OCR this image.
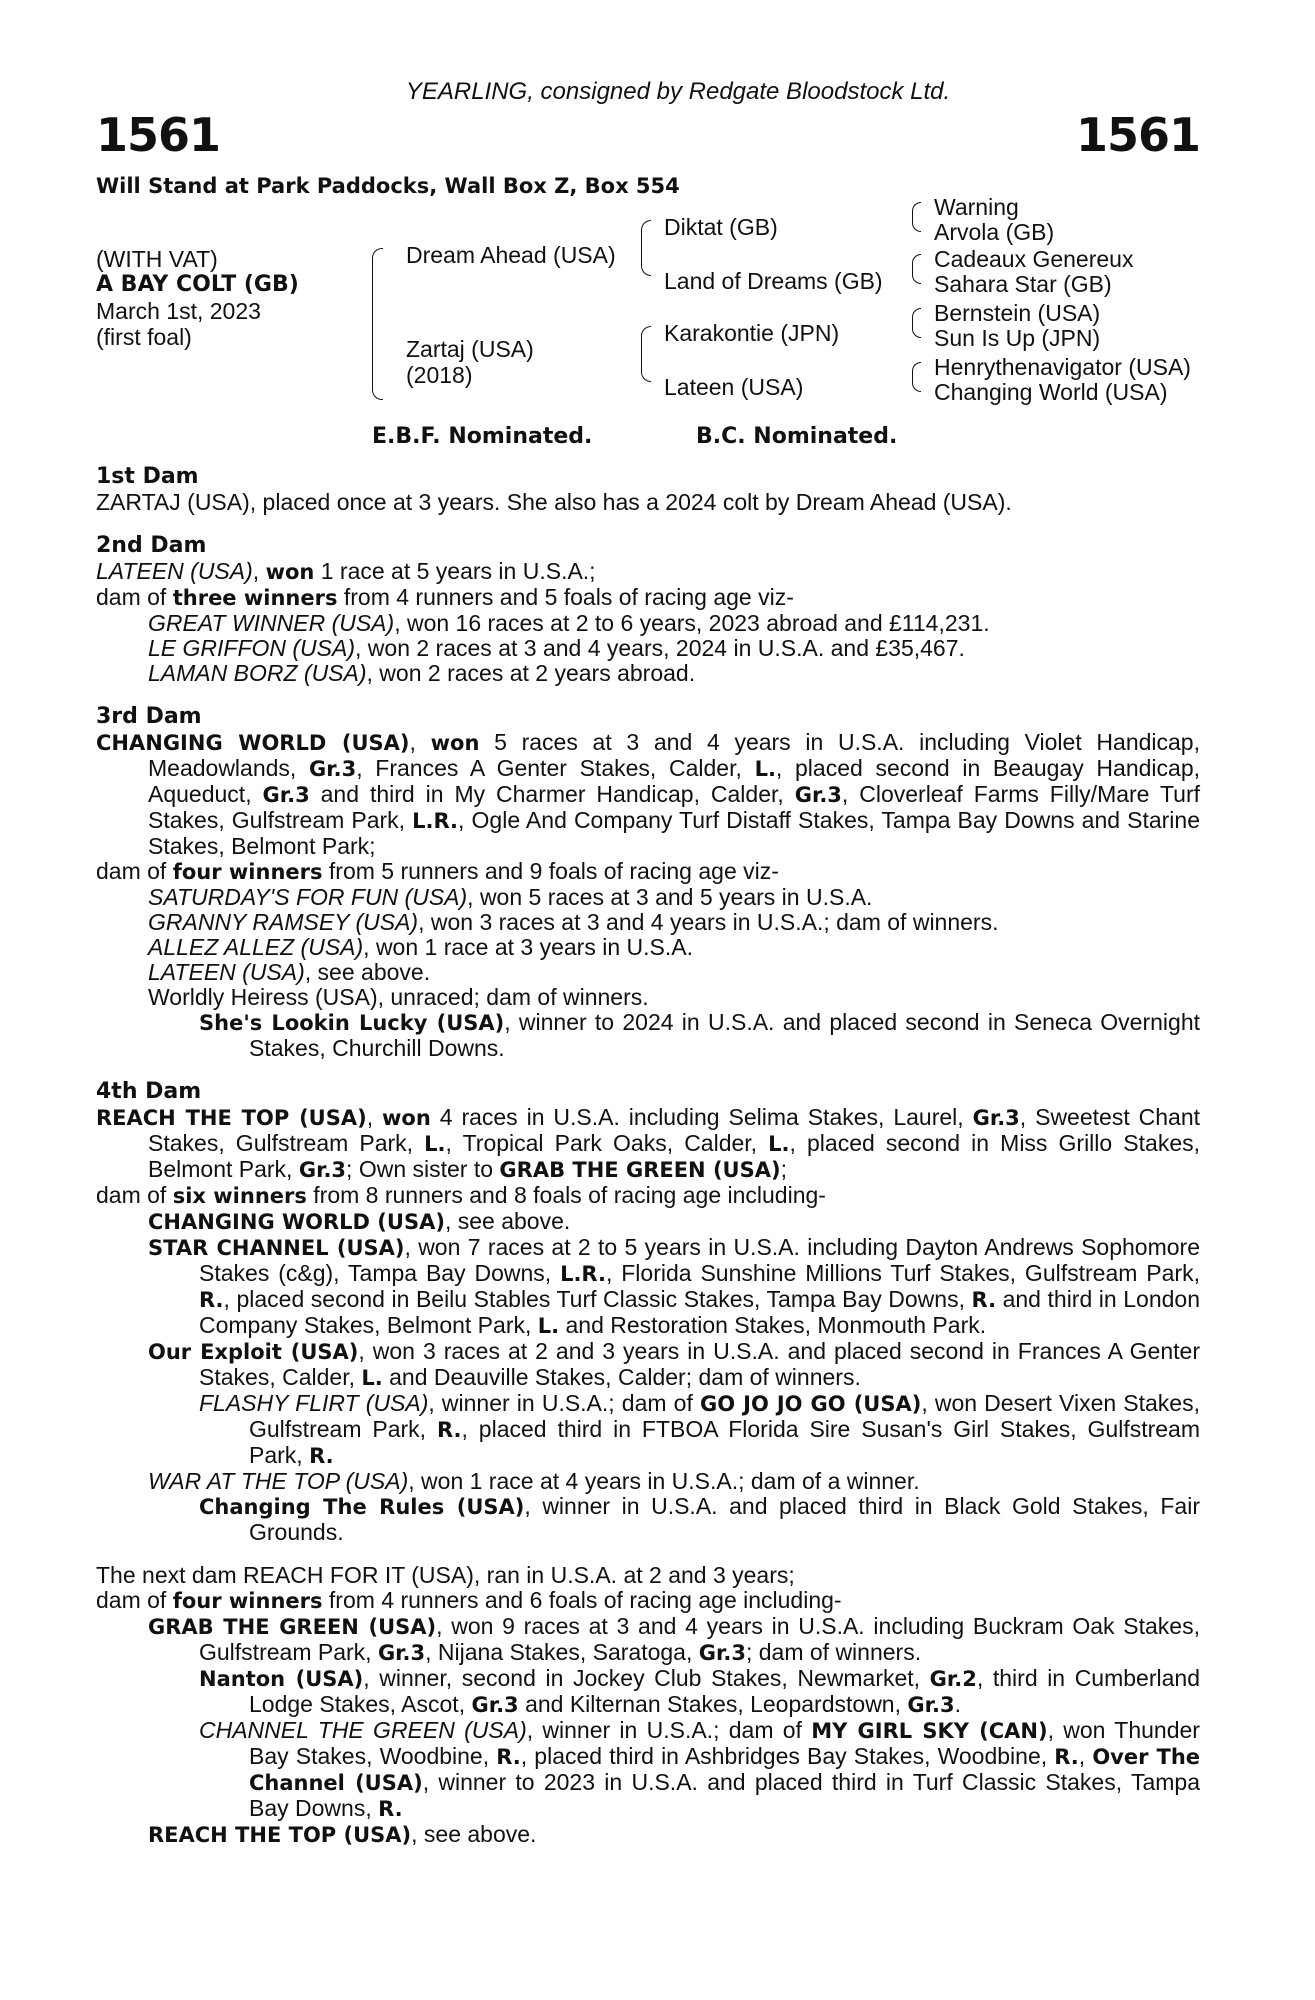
YEARLING, consigned by Redgate Bloodstock Ltd.
1561	1561
Will Stand at Park Paddocks, Wall Box Z, Box 554
(WITH VAT)
A BAY COLT (GB)
March 1st, 2023
(first foal)
Dream Ahead (USA)
Zartaj (USA)
(2018)
Diktat (GB)
Land of Dreams (GB)
Karakontie (JPN)
Lateen (USA)
Warning
Arvola (GB)
Cadeaux Genereux
Sahara Star (GB)
Bernstein (USA)
Sun Is Up (JPN)
Henrythenavigator (USA)
Changing World (USA)
E.B.F. Nominated.	B.C. Nominated.
1st Dam
ZARTAJ (USA), placed once at 3 years. She also has a 2024 colt by Dream Ahead (USA).
2nd Dam
LATEEN (USA), won 1 race at 5 years in U.S.A.;
dam of three winners from 4 runners and 5 foals of racing age viz-
GREAT WINNER (USA), won 16 races at 2 to 6 years, 2023 abroad and £114,231.
LE GRIFFON (USA), won 2 races at 3 and 4 years, 2024 in U.S.A. and £35,467.
LAMAN BORZ (USA), won 2 races at 2 years abroad.
3rd Dam
CHANGING WORLD (USA), won 5 races at 3 and 4 years in U.S.A. including Violet Handicap, Meadowlands, Gr.3, Frances A Genter Stakes, Calder, L., placed second in Beaugay Handicap, Aqueduct, Gr.3 and third in My Charmer Handicap, Calder, Gr.3, Cloverleaf Farms Filly/Mare Turf Stakes, Gulfstream Park, L.R., Ogle And Company Turf Distaff Stakes, Tampa Bay Downs and Starine Stakes, Belmont Park;
dam of four winners from 5 runners and 9 foals of racing age viz-
SATURDAY'S FOR FUN (USA), won 5 races at 3 and 5 years in U.S.A.
GRANNY RAMSEY (USA), won 3 races at 3 and 4 years in U.S.A.; dam of winners.
ALLEZ ALLEZ (USA), won 1 race at 3 years in U.S.A.
LATEEN (USA), see above.
Worldly Heiress (USA), unraced; dam of winners.
She's Lookin Lucky (USA), winner to 2024 in U.S.A. and placed second in Seneca Overnight Stakes, Churchill Downs.
4th Dam
REACH THE TOP (USA), won 4 races in U.S.A. including Selima Stakes, Laurel, Gr.3, Sweetest Chant Stakes, Gulfstream Park, L., Tropical Park Oaks, Calder, L., placed second in Miss Grillo Stakes, Belmont Park, Gr.3; Own sister to GRAB THE GREEN (USA);
dam of six winners from 8 runners and 8 foals of racing age including-
CHANGING WORLD (USA), see above.
STAR CHANNEL (USA), won 7 races at 2 to 5 years in U.S.A. including Dayton Andrews Sophomore Stakes (c&g), Tampa Bay Downs, L.R., Florida Sunshine Millions Turf Stakes, Gulfstream Park, R., placed second in Beilu Stables Turf Classic Stakes, Tampa Bay Downs, R. and third in London Company Stakes, Belmont Park, L. and Restoration Stakes, Monmouth Park.
Our Exploit (USA), won 3 races at 2 and 3 years in U.S.A. and placed second in Frances A Genter Stakes, Calder, L. and Deauville Stakes, Calder; dam of winners.
FLASHY FLIRT (USA), winner in U.S.A.; dam of GO JO JO GO (USA), won Desert Vixen Stakes, Gulfstream Park, R., placed third in FTBOA Florida Sire Susan's Girl Stakes, Gulfstream Park, R.
WAR AT THE TOP (USA), won 1 race at 4 years in U.S.A.; dam of a winner.
Changing The Rules (USA), winner in U.S.A. and placed third in Black Gold Stakes, Fair Grounds.
The next dam REACH FOR IT (USA), ran in U.S.A. at 2 and 3 years;
dam of four winners from 4 runners and 6 foals of racing age including-
GRAB THE GREEN (USA), won 9 races at 3 and 4 years in U.S.A. including Buckram Oak Stakes, Gulfstream Park, Gr.3, Nijana Stakes, Saratoga, Gr.3; dam of winners.
Nanton (USA), winner, second in Jockey Club Stakes, Newmarket, Gr.2, third in Cumberland Lodge Stakes, Ascot, Gr.3 and Kilternan Stakes, Leopardstown, Gr.3.
CHANNEL THE GREEN (USA), winner in U.S.A.; dam of MY GIRL SKY (CAN), won Thunder Bay Stakes, Woodbine, R., placed third in Ashbridges Bay Stakes, Woodbine, R., Over The Channel (USA), winner to 2023 in U.S.A. and placed third in Turf Classic Stakes, Tampa Bay Downs, R.
REACH THE TOP (USA), see above.
